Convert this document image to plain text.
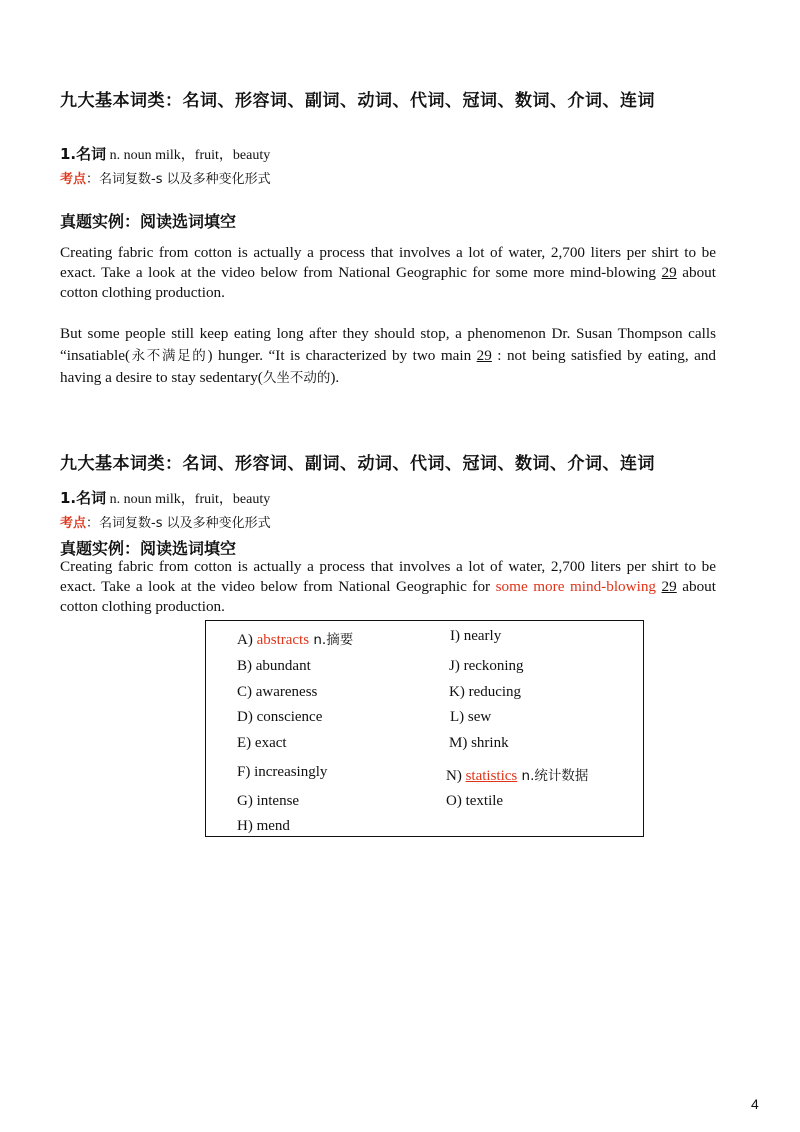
九大基本词类：名词、形容词、副词、动词、代词、冠词、数词、介词、连词
1.名词 n. noun milk，fruit，beauty
考点：名词复数-s 以及多种变化形式
真题实例：阅读选词填空
Creating fabric from cotton is actually a process that involves a lot of water, 2,700 liters per shirt to be exact. Take a look at the video below from National Geographic for some more mind-blowing 29 about cotton clothing production.
But some people still keep eating long after they should stop, a phenomenon Dr. Susan Thompson calls “insatiable(永不满足的) hunger. “It is characterized by two main 29 : not being satisfied by eating, and having a desire to stay sedentary(久坐不动的).
九大基本词类：名词、形容词、副词、动词、代词、冠词、数词、介词、连词
1.名词 n. noun milk，fruit，beauty
考点：名词复数-s 以及多种变化形式
真题实例：阅读选词填空
Creating fabric from cotton is actually a process that involves a lot of water, 2,700 liters per shirt to be exact. Take a look at the video below from National Geographic for some more mind-blowing 29 about cotton clothing production.
A) abstracts n.摘要
B) abundant
C) awareness
D) conscience
E) exact
F) increasingly
G) intense
H) mend
I) nearly
J) reckoning
K) reducing
L) sew
M) shrink
N) statistics n.统计数据
O) textile
4
